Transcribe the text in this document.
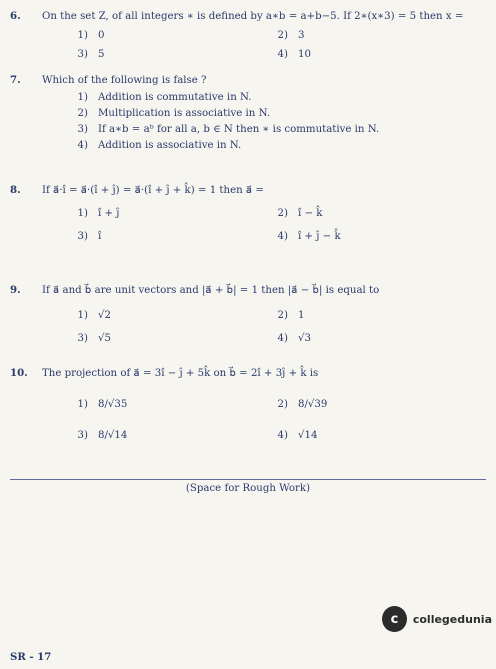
6.	On the set Z, of all integers ∗ is defined by a∗b = a+b−5. If 2∗(x∗3) = 5 then x =
1) 0	2) 3
3) 5	4) 10
7.	Which of the following is false ?
1) Addition is commutative in N.
2) Multiplication is associative in N.
3) If a∗b = aᵇ for all a, b ∈ N then ∗ is commutative in N.
4) Addition is associative in N.
8.	If a⃗·î = a⃗·(î + ĵ) = a⃗·(î + ĵ + k̂) = 1 then a⃗ =
1) î + ĵ	2) î − k̂
3) î	4) î + ĵ − k̂
9.	If a⃗ and b⃗ are unit vectors and |a⃗ + b⃗| = 1 then |a⃗ − b⃗| is equal to
1) √2	2) 1
3) √5	4) √3
10.	The projection of a⃗ = 3î − ĵ + 5k̂ on b⃗ = 2î + 3ĵ + k̂ is
1) 8/√35	2) 8/√39
3) 8/√14	4) √14
(Space for Rough Work)
c	collegedunia
SR - 17
